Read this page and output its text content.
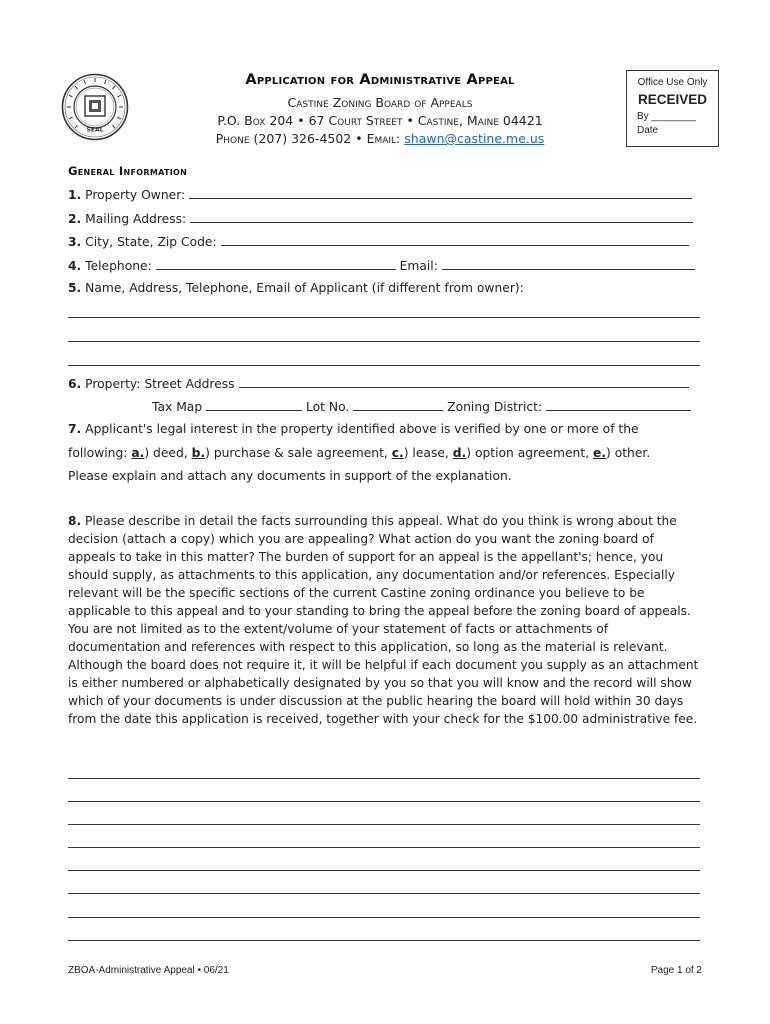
SEAL
Application for Administrative Appeal
Castine Zoning Board of Appeals
P.O. Box 204 • 67 Court Street • Castine, Maine 04421
Phone (207) 326-4502 • Email: shawn@castine.me.us
Office Use Only
RECEIVED
By ________
Date
General Information
1. Property Owner:
2. Mailing Address:
3. City, State, Zip Code:
4. Telephone:	Email:
5. Name, Address, Telephone, Email of Applicant (if different from owner):
6. Property: Street Address
Tax Map	Lot No.	Zoning District:
7. Applicant's legal interest in the property identified above is verified by one or more of the
following: a.) deed, b.) purchase & sale agreement, c.) lease, d.) option agreement, e.) other.
Please explain and attach any documents in support of the explanation.
8. Please describe in detail the facts surrounding this appeal. What do you think is wrong about the decision (attach a copy) which you are appealing? What action do you want the zoning board of appeals to take in this matter? The burden of support for an appeal is the appellant's; hence, you should supply, as attachments to this application, any documentation and/or references. Especially relevant will be the specific sections of the current Castine zoning ordinance you believe to be applicable to this appeal and to your standing to bring the appeal before the zoning board of appeals. You are not limited as to the extent/volume of your statement of facts or attachments of documentation and references with respect to this application, so long as the material is relevant. Although the board does not require it, it will be helpful if each document you supply as an attachment is either numbered or alphabetically designated by you so that you will know and the record will show which of your documents is under discussion at the public hearing the board will hold within 30 days from the date this application is received, together with your check for the $100.00 administrative fee.
ZBOA-Administrative Appeal • 06/21	Page 1 of 2
